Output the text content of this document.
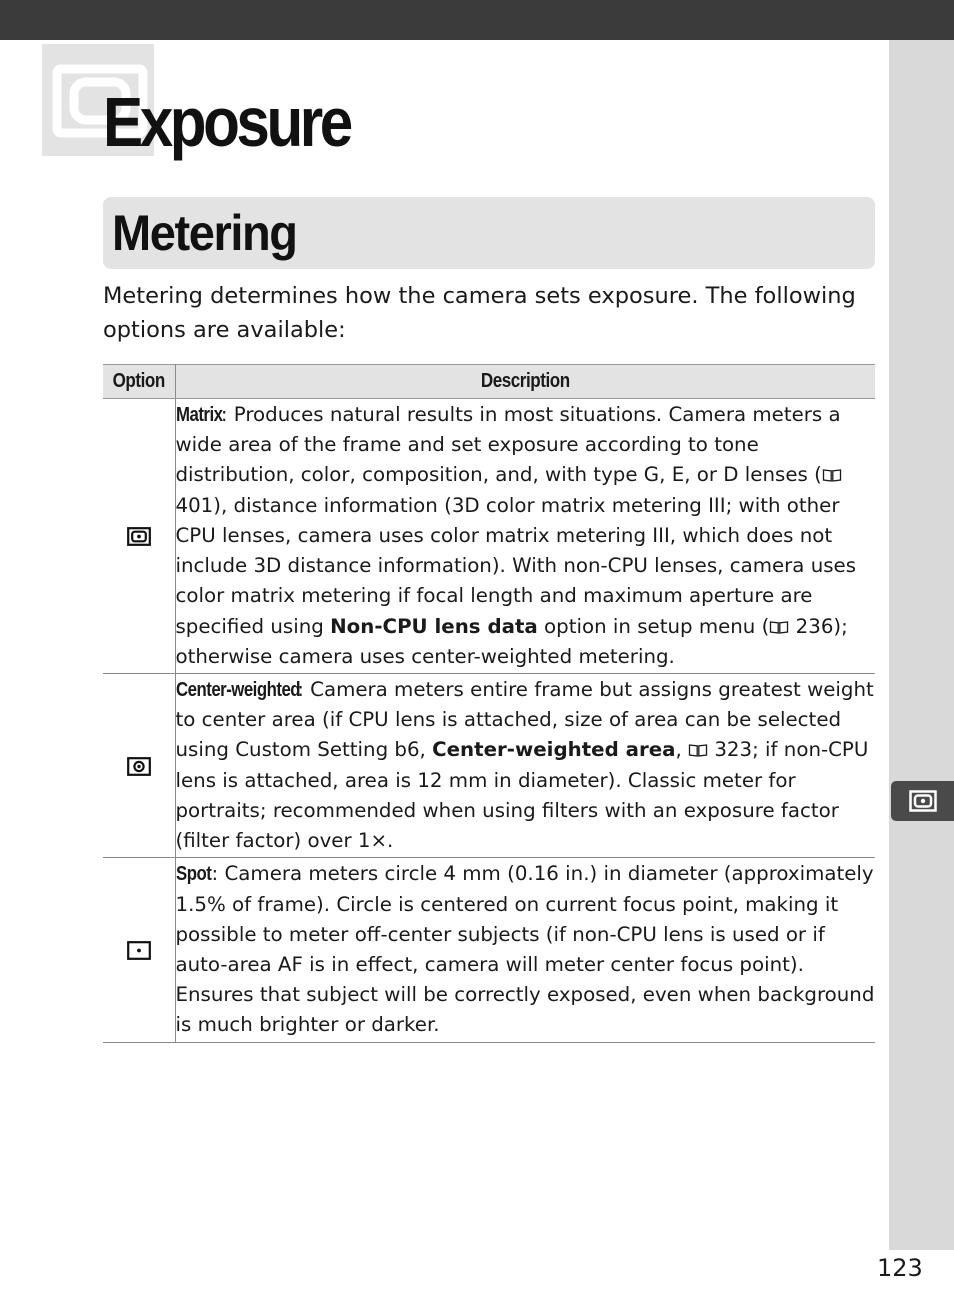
Exposure
Metering

Metering determines how the camera sets exposure. The following options are available:

Option	Description
	Matrix: Produces natural results in most situations. Camera meters a wide area of the frame and set exposure according to tone distribution, color, composition, and, with type G, E, or D lenses ( 401), distance information (3D color matrix metering III; with other CPU lenses, camera uses color matrix metering III, which does not include 3D distance information). With non-CPU lenses, camera uses color matrix metering if focal length and maximum aperture are specified using Non-CPU lens data option in setup menu ( 236); otherwise camera uses center-weighted metering.
	Center-weighted: Camera meters entire frame but assigns greatest weight to center area (if CPU lens is attached, size of area can be selected using Custom Setting b6, Center-weighted area,  323; if non-CPU lens is attached, area is 12 mm in diameter). Classic meter for portraits; recommended when using filters with an exposure factor (filter factor) over 1×.
	Spot: Camera meters circle 4 mm (0.16 in.) in diameter (approximately 1.5% of frame). Circle is centered on current focus point, making it possible to meter off-center subjects (if non-CPU lens is used or if auto-area AF is in effect, camera will meter center focus point). Ensures that subject will be correctly exposed, even when background is much brighter or darker.
123
